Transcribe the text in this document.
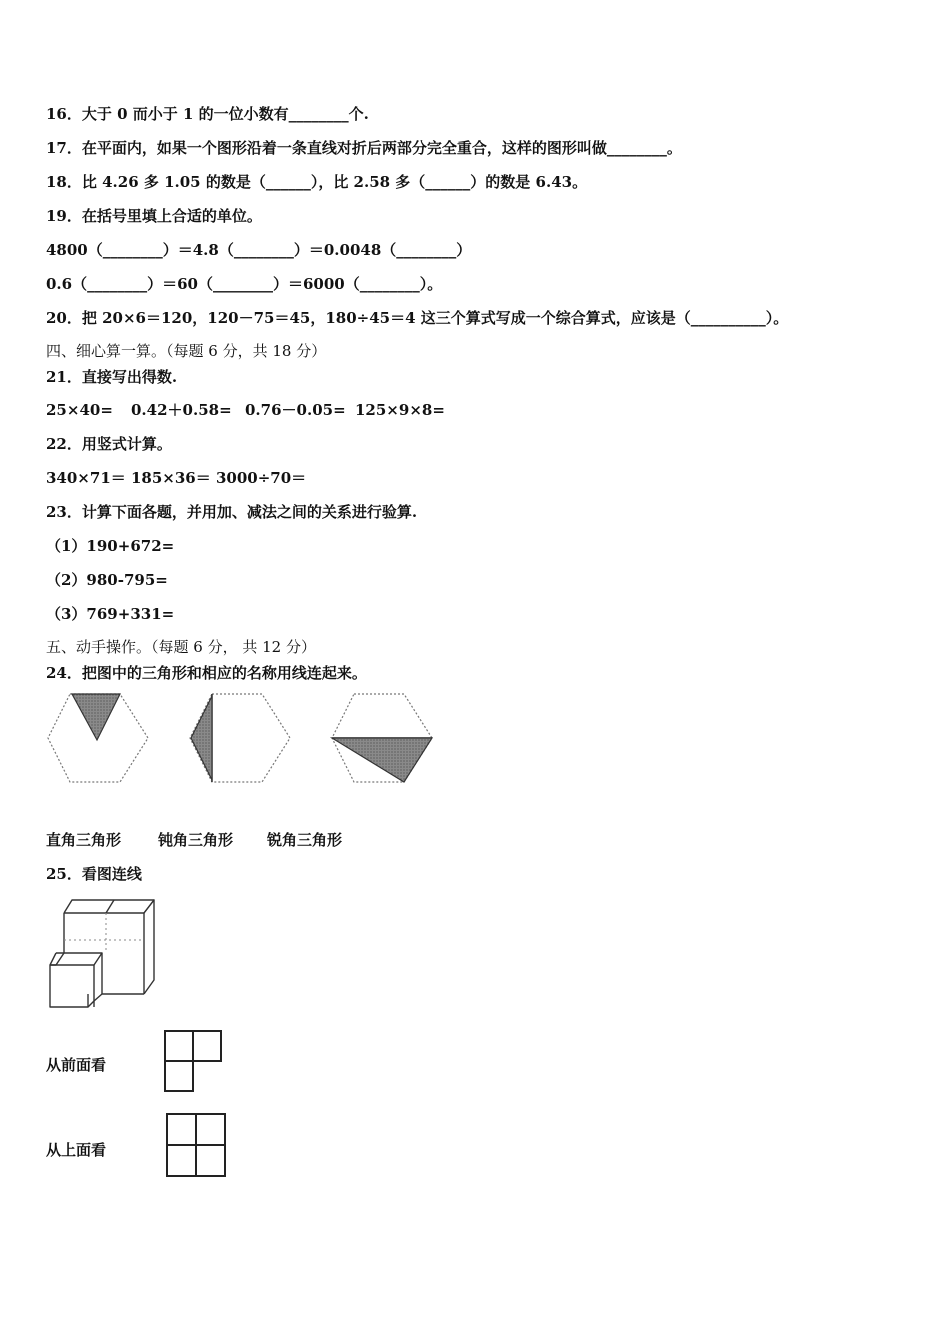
16．大于 0 而小于 1 的一位小数有________个.
17．在平面内，如果一个图形沿着一条直线对折后两部分完全重合，这样的图形叫做________。
18．比 4.26 多 1.05 的数是（______），比 2.58 多（______）的数是 6.43。
19．在括号里填上合适的单位。
4800（________）＝4.8（________）＝0.0048（________）
0.6（________）＝60（________）＝6000（________）。
20．把 20×6＝120，120－75＝45，180÷45＝4 这三个算式写成一个综合算式，应该是（__________）。
四、细心算一算。（每题 6 分，共 18 分）
21．直接写出得数.
25×40= 0.42＋0.58= 0.76－0.05= 125×9×8=
22．用竖式计算。
340×71＝ 185×36＝ 3000÷70＝
23．计算下面各题，并用加、减法之间的关系进行验算.
（1）190+672=
（2）980-795=
（3）769+331=
五、动手操作。（每题 6 分， 共 12 分）
24．把图中的三角形和相应的名称用线连起来。
直角三角形 钝角三角形 锐角三角形
25．看图连线
从前面看
从上面看
